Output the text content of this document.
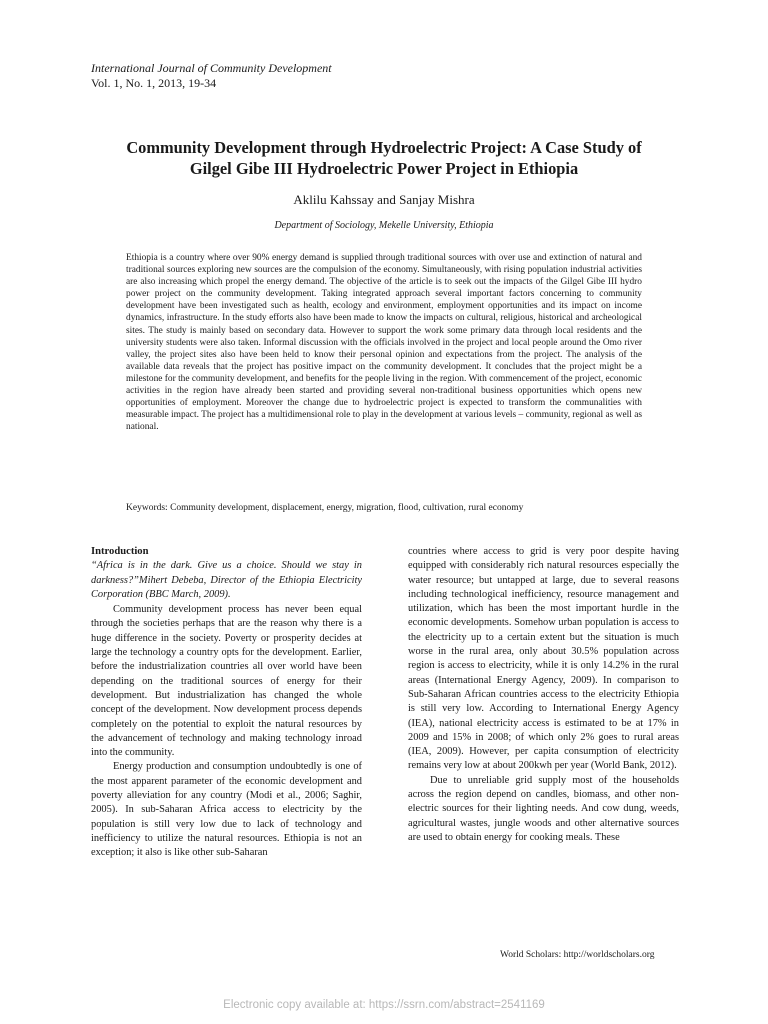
International Journal of Community Development
Vol. 1, No. 1, 2013, 19-34
Community Development through Hydroelectric Project: A Case Study of
Gilgel Gibe III Hydroelectric Power Project in Ethiopia
Aklilu Kahssay and Sanjay Mishra
Department of Sociology, Mekelle University, Ethiopia

Ethiopia is a country where over 90% energy demand is supplied through traditional sources with over use and extinction of natural and traditional sources exploring new sources are the compulsion of the economy. Simultaneously, with rising population industrial activities are also increasing which propel the energy demand. The objective of the article is to seek out the impacts of the Gilgel Gibe III hydro power project on the community development. Taking integrated approach several important factors concerning to community development have been investigated such as health, ecology and environment, employment opportunities and its impact on income dynamics, infrastructure. In the study efforts also have been made to know the impacts on cultural, religious, historical and archeological sites. The study is mainly based on secondary data. However to support the work some primary data through local residents and the university students were also taken. Informal discussion with the officials involved in the project and local people around the Omo river valley, the project sites also have been held to know their personal opinion and expectations from the project. The analysis of the available data reveals that the project has positive impact on the community development. It concludes that the project might be a milestone for the community development, and benefits for the people living in the region. With commencement of the project, economic activities in the region have already been started and providing several non-traditional business opportunities which opens new opportunities of employment. Moreover the change due to hydroelectric project is expected to transform the communalities with measurable impact. The project has a multidimensional role to play in the development at various levels – community, regional as well as national.

Keywords: Community development, displacement, energy, migration, flood, cultivation, rural economy

Introduction

“Africa is in the dark. Give us a choice. Should we stay in darkness?”Mihert Debeba, Director of the Ethiopia Electricity Corporation (BBC March, 2009).

Community development process has never been equal through the societies perhaps that are the reason why there is a huge difference in the society. Poverty or prosperity decides at large the technology a country opts for the development. Earlier, before the industrialization countries all over world have been depending on the traditional sources of energy for their development. But industrialization has changed the whole concept of the development. Now development process depends completely on the potential to exploit the natural resources by the advancement of technology and making technology inroad into the community.

Energy production and consumption undoubtedly is one of the most apparent parameter of the economic development and poverty alleviation for any country (Modi et al., 2006; Saghir, 2005). In sub-Saharan Africa access to electricity by the population is still very low due to lack of technology and inefficiency to utilize the natural resources. Ethiopia is not an exception; it also is like other sub-Saharan

countries where access to grid is very poor despite having equipped with considerably rich natural resources especially the water resource; but untapped at large, due to several reasons including technological inefficiency, resource management and utilization, which has been the most important hurdle in the economic developments. Somehow urban population is access to the electricity up to a certain extent but the situation is much worse in the rural area, only about 30.5% population across region is access to electricity, while it is only 14.2% in the rural areas (International Energy Agency, 2009). In comparison to Sub-Saharan African countries access to the electricity Ethiopia is still very low. According to International Energy Agency (IEA), national electricity access is estimated to be at 17% in 2009 and 15% in 2008; of which only 2% goes to rural areas (IEA, 2009). However, per capita consumption of electricity remains very low at about 200kwh per year (World Bank, 2012).

Due to unreliable grid supply most of the households across the region depend on candles, biomass, and other non-electric sources for their lighting needs. And cow dung, weeds, agricultural wastes, jungle woods and other alternative sources are used to obtain energy for cooking meals. These

World Scholars: http://worldscholars.org
Electronic copy available at: https://ssrn.com/abstract=2541169
